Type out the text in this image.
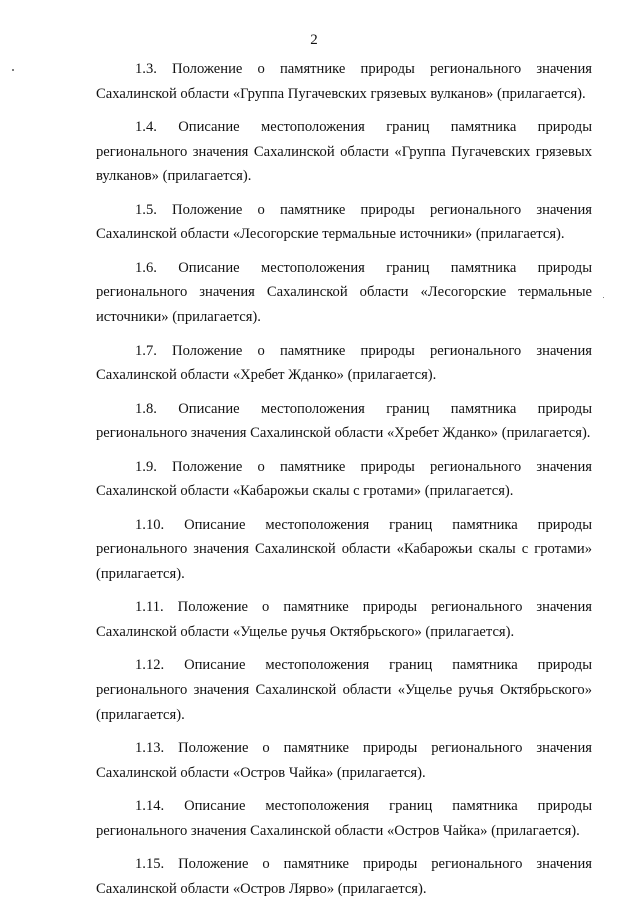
2

1.3. Положение о памятнике природы регионального значения Сахалинской области «Группа Пугачевских грязевых вулканов» (прилагается).

1.4. Описание местоположения границ памятника природы регионального значения Сахалинской области «Группа Пугачевских грязевых вулканов» (прилагается).

1.5. Положение о памятнике природы регионального значения Сахалинской области «Лесогорские термальные источники» (прилагается).

1.6. Описание местоположения границ памятника природы регионального значения Сахалинской области «Лесогорские термальные источники» (прилагается).

1.7. Положение о памятнике природы регионального значения Сахалинской области «Хребет Жданко» (прилагается).

1.8. Описание местоположения границ памятника природы регионального значения Сахалинской области «Хребет Жданко» (прилагается).

1.9. Положение о памятнике природы регионального значения Сахалинской области «Кабарожьи скалы с гротами» (прилагается).

1.10. Описание местоположения границ памятника природы регионального значения Сахалинской области «Кабарожьи скалы с гротами» (прилагается).

1.11. Положение о памятнике природы регионального значения Сахалинской области «Ущелье ручья Октябрьского» (прилагается).

1.12. Описание местоположения границ памятника природы регионального значения Сахалинской области «Ущелье ручья Октябрьского» (прилагается).

1.13. Положение о памятнике природы регионального значения Сахалинской области «Остров Чайка» (прилагается).

1.14. Описание местоположения границ памятника природы регионального значения Сахалинской области «Остров Чайка» (прилагается).

1.15. Положение о памятнике природы регионального значения Сахалинской области «Остров Лярво» (прилагается).
